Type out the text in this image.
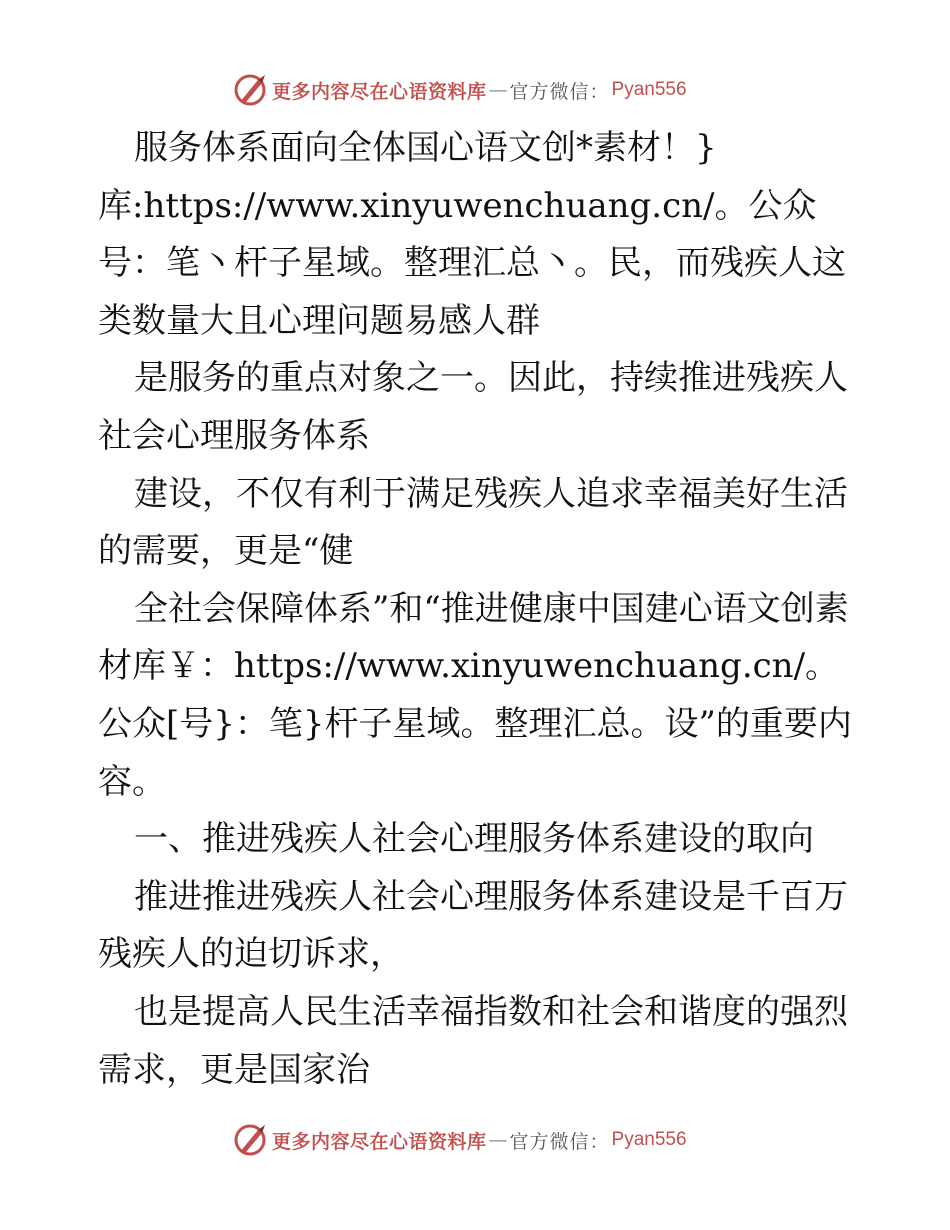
更多内容尽在心语资料库 — 官方微信： Pyan556

服务体系面向全体国心语文创*素材！}库:https://www.xinyuwenchuang.cn/。公众号：笔丶杆子星域。整理汇总丶。民，而残疾人这类数量大且心理问题易感人群

是服务的重点对象之一。因此，持续推进残疾人社会心理服务体系

建设，不仅有利于满足残疾人追求幸福美好生活的需要，更是“健

全社会保障体系”和“推进健康中国建心语文创素材库￥：https://www.xinyuwenchuang.cn/。公众[号}：笔}杆子星域。整理汇总。设”的重要内容。

一、推进残疾人社会心理服务体系建设的取向

推进推进残疾人社会心理服务体系建设是千百万残疾人的迫切诉求，

也是提高人民生活幸福指数和社会和谐度的强烈需求，更是国家治

更多内容尽在心语资料库 — 官方微信： Pyan556
